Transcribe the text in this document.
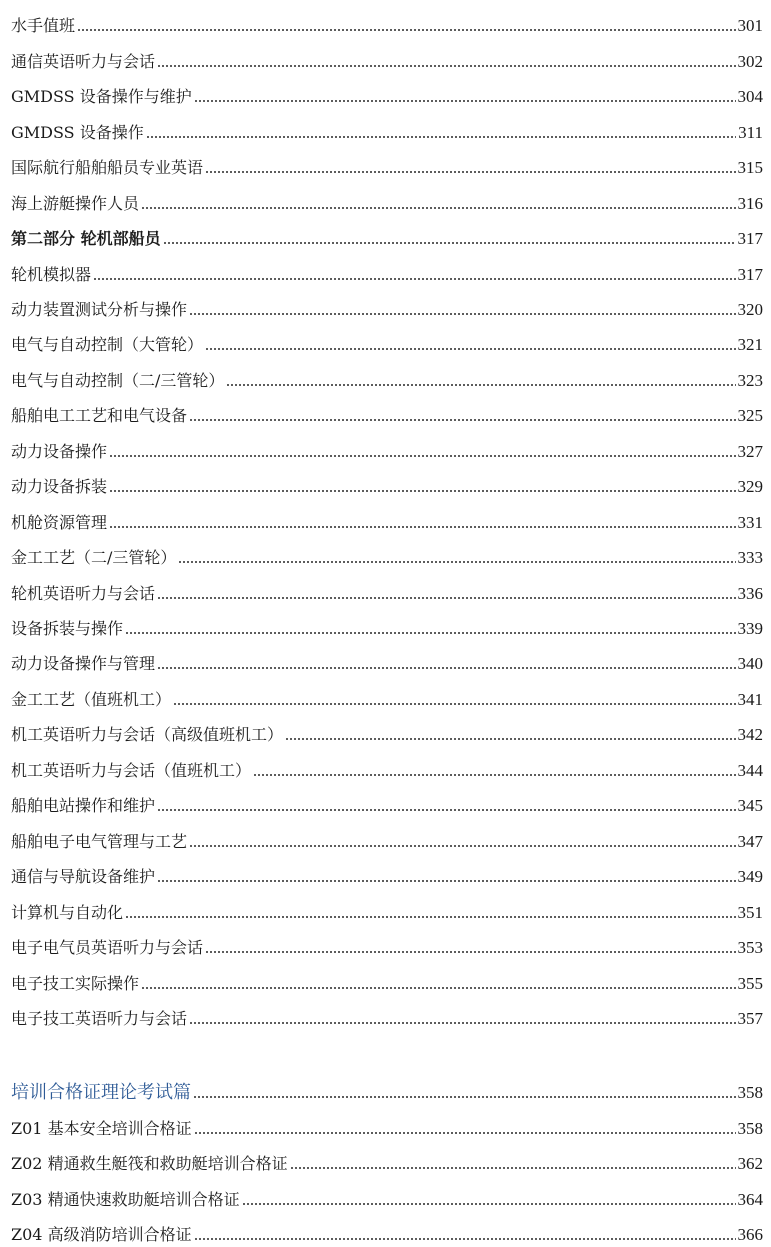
水手值班	301
通信英语听力与会话	302
GMDSS 设备操作与维护	304
GMDSS 设备操作	311
国际航行船舶船员专业英语	315
海上游艇操作人员	316
第二部分 轮机部船员	317
轮机模拟器	317
动力装置测试分析与操作	320
电气与自动控制（大管轮）	321
电气与自动控制（二/三管轮）	323
船舶电工工艺和电气设备	325
动力设备操作	327
动力设备拆装	329
机舱资源管理	331
金工工艺（二/三管轮）	333
轮机英语听力与会话	336
设备拆装与操作	339
动力设备操作与管理	340
金工工艺（值班机工）	341
机工英语听力与会话（高级值班机工）	342
机工英语听力与会话（值班机工）	344
船舶电站操作和维护	345
船舶电子电气管理与工艺	347
通信与导航设备维护	349
计算机与自动化	351
电子电气员英语听力与会话	353
电子技工实际操作	355
电子技工英语听力与会话	357
培训合格证理论考试篇	358
Z01 基本安全培训合格证	358
Z02 精通救生艇筏和救助艇培训合格证	362
Z03 精通快速救助艇培训合格证	364
Z04 高级消防培训合格证	366
